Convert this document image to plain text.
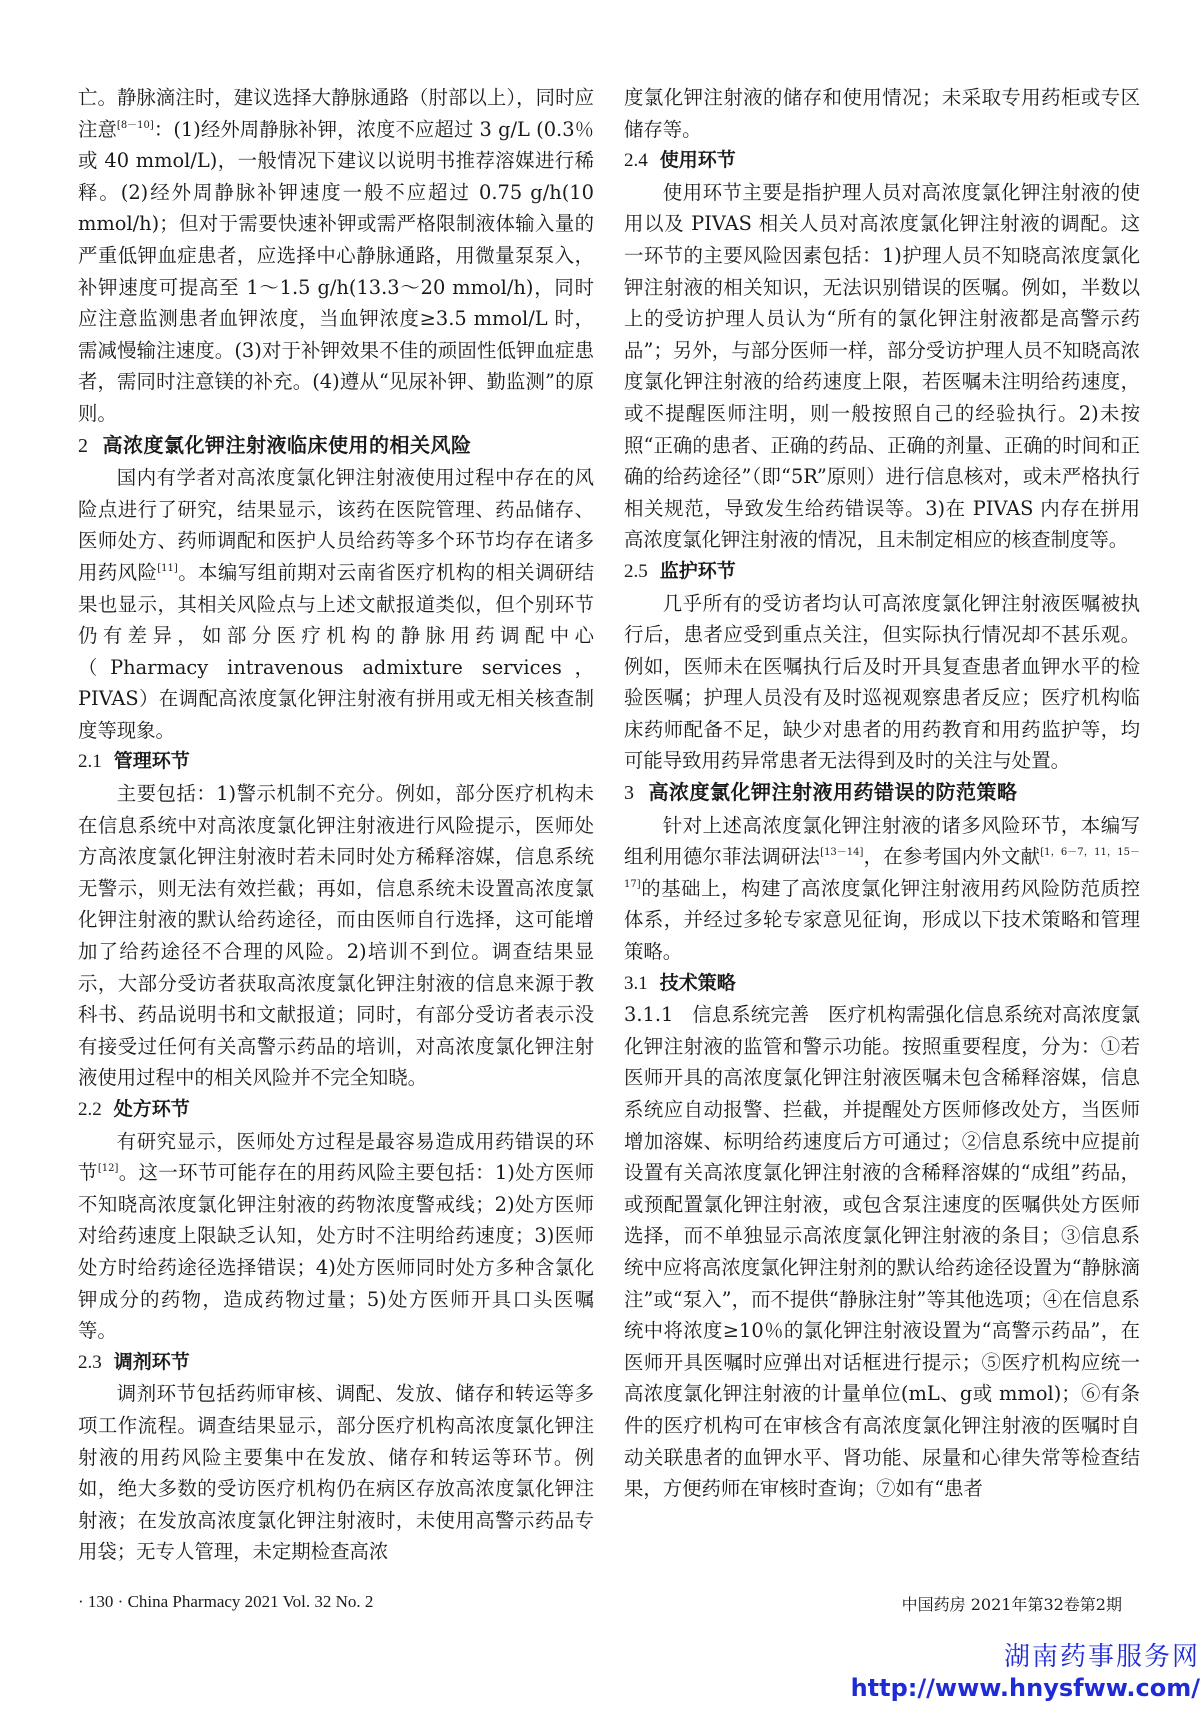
亡。静脉滴注时，建议选择大静脉通路（肘部以上），同时应注意[8－10]：(1)经外周静脉补钾，浓度不应超过 3 g/L (0.3％或 40 mmol/L)，一般情况下建议以说明书推荐溶媒进行稀释。(2)经外周静脉补钾速度一般不应超过 0.75 g/h(10 mmol/h)；但对于需要快速补钾或需严格限制液体输入量的严重低钾血症患者，应选择中心静脉通路，用微量泵泵入，补钾速度可提高至 1～1.5 g/h(13.3～20 mmol/h)，同时应注意监测患者血钾浓度，当血钾浓度≥3.5 mmol/L 时，需减慢输注速度。(3)对于补钾效果不佳的顽固性低钾血症患者，需同时注意镁的补充。(4)遵从“见尿补钾、勤监测”的原则。

2 高浓度氯化钾注射液临床使用的相关风险

国内有学者对高浓度氯化钾注射液使用过程中存在的风险点进行了研究，结果显示，该药在医院管理、药品储存、医师处方、药师调配和医护人员给药等多个环节均存在诸多用药风险[11]。本编写组前期对云南省医疗机构的相关调研结果也显示，其相关风险点与上述文献报道类似，但个别环节仍有差异，如部分医疗机构的静脉用药调配中心（Pharmacy intravenous admixture services，PIVAS）在调配高浓度氯化钾注射液有拼用或无相关核查制度等现象。

2.1 管理环节

主要包括：1)警示机制不充分。例如，部分医疗机构未在信息系统中对高浓度氯化钾注射液进行风险提示，医师处方高浓度氯化钾注射液时若未同时处方稀释溶媒，信息系统无警示，则无法有效拦截；再如，信息系统未设置高浓度氯化钾注射液的默认给药途径，而由医师自行选择，这可能增加了给药途径不合理的风险。2)培训不到位。调查结果显示，大部分受访者获取高浓度氯化钾注射液的信息来源于教科书、药品说明书和文献报道；同时，有部分受访者表示没有接受过任何有关高警示药品的培训，对高浓度氯化钾注射液使用过程中的相关风险并不完全知晓。

2.2 处方环节

有研究显示，医师处方过程是最容易造成用药错误的环节[12]。这一环节可能存在的用药风险主要包括：1)处方医师不知晓高浓度氯化钾注射液的药物浓度警戒线；2)处方医师对给药速度上限缺乏认知，处方时不注明给药速度；3)医师处方时给药途径选择错误；4)处方医师同时处方多种含氯化钾成分的药物，造成药物过量；5)处方医师开具口头医嘱等。

2.3 调剂环节

调剂环节包括药师审核、调配、发放、储存和转运等多项工作流程。调查结果显示，部分医疗机构高浓度氯化钾注射液的用药风险主要集中在发放、储存和转运等环节。例如，绝大多数的受访医疗机构仍在病区存放高浓度氯化钾注射液；在发放高浓度氯化钾注射液时，未使用高警示药品专用袋；无专人管理，未定期检查高浓

度氯化钾注射液的储存和使用情况；未采取专用药柜或专区储存等。

2.4 使用环节

使用环节主要是指护理人员对高浓度氯化钾注射液的使用以及 PIVAS 相关人员对高浓度氯化钾注射液的调配。这一环节的主要风险因素包括：1)护理人员不知晓高浓度氯化钾注射液的相关知识，无法识别错误的医嘱。例如，半数以上的受访护理人员认为“所有的氯化钾注射液都是高警示药品”；另外，与部分医师一样，部分受访护理人员不知晓高浓度氯化钾注射液的给药速度上限，若医嘱未注明给药速度，或不提醒医师注明，则一般按照自己的经验执行。2)未按照“正确的患者、正确的药品、正确的剂量、正确的时间和正确的给药途径”（即“5R”原则）进行信息核对，或未严格执行相关规范，导致发生给药错误等。3)在 PIVAS 内存在拼用高浓度氯化钾注射液的情况，且未制定相应的核查制度等。

2.5 监护环节

几乎所有的受访者均认可高浓度氯化钾注射液医嘱被执行后，患者应受到重点关注，但实际执行情况却不甚乐观。例如，医师未在医嘱执行后及时开具复查患者血钾水平的检验医嘱；护理人员没有及时巡视观察患者反应；医疗机构临床药师配备不足，缺少对患者的用药教育和用药监护等，均可能导致用药异常患者无法得到及时的关注与处置。

3 高浓度氯化钾注射液用药错误的防范策略

针对上述高浓度氯化钾注射液的诸多风险环节，本编写组利用德尔菲法调研法[13－14]，在参考国内外文献[1，6－7，11，15－17]的基础上，构建了高浓度氯化钾注射液用药风险防范质控体系，并经过多轮专家意见征询，形成以下技术策略和管理策略。

3.1 技术策略

3.1.1 信息系统完善 医疗机构需强化信息系统对高浓度氯化钾注射液的监管和警示功能。按照重要程度，分为：①若医师开具的高浓度氯化钾注射液医嘱未包含稀释溶媒，信息系统应自动报警、拦截，并提醒处方医师修改处方，当医师增加溶媒、标明给药速度后方可通过；②信息系统中应提前设置有关高浓度氯化钾注射液的含稀释溶媒的“成组”药品，或预配置氯化钾注射液，或包含泵注速度的医嘱供处方医师选择，而不单独显示高浓度氯化钾注射液的条目；③信息系统中应将高浓度氯化钾注射剂的默认给药途径设置为“静脉滴注”或“泵入”，而不提供“静脉注射”等其他选项；④在信息系统中将浓度≥10％的氯化钾注射液设置为“高警示药品”，在医师开具医嘱时应弹出对话框进行提示；⑤医疗机构应统一高浓度氯化钾注射液的计量单位(mL、g或 mmol)；⑥有条件的医疗机构可在审核含有高浓度氯化钾注射液的医嘱时自动关联患者的血钾水平、肾功能、尿量和心律失常等检查结果，方便药师在审核时查询；⑦如有“患者

· 130 · China Pharmacy 2021 Vol. 32 No. 2	中国药房 2021年第32卷第2期
湖南药事服务网
http://www.hnysfww.com/
